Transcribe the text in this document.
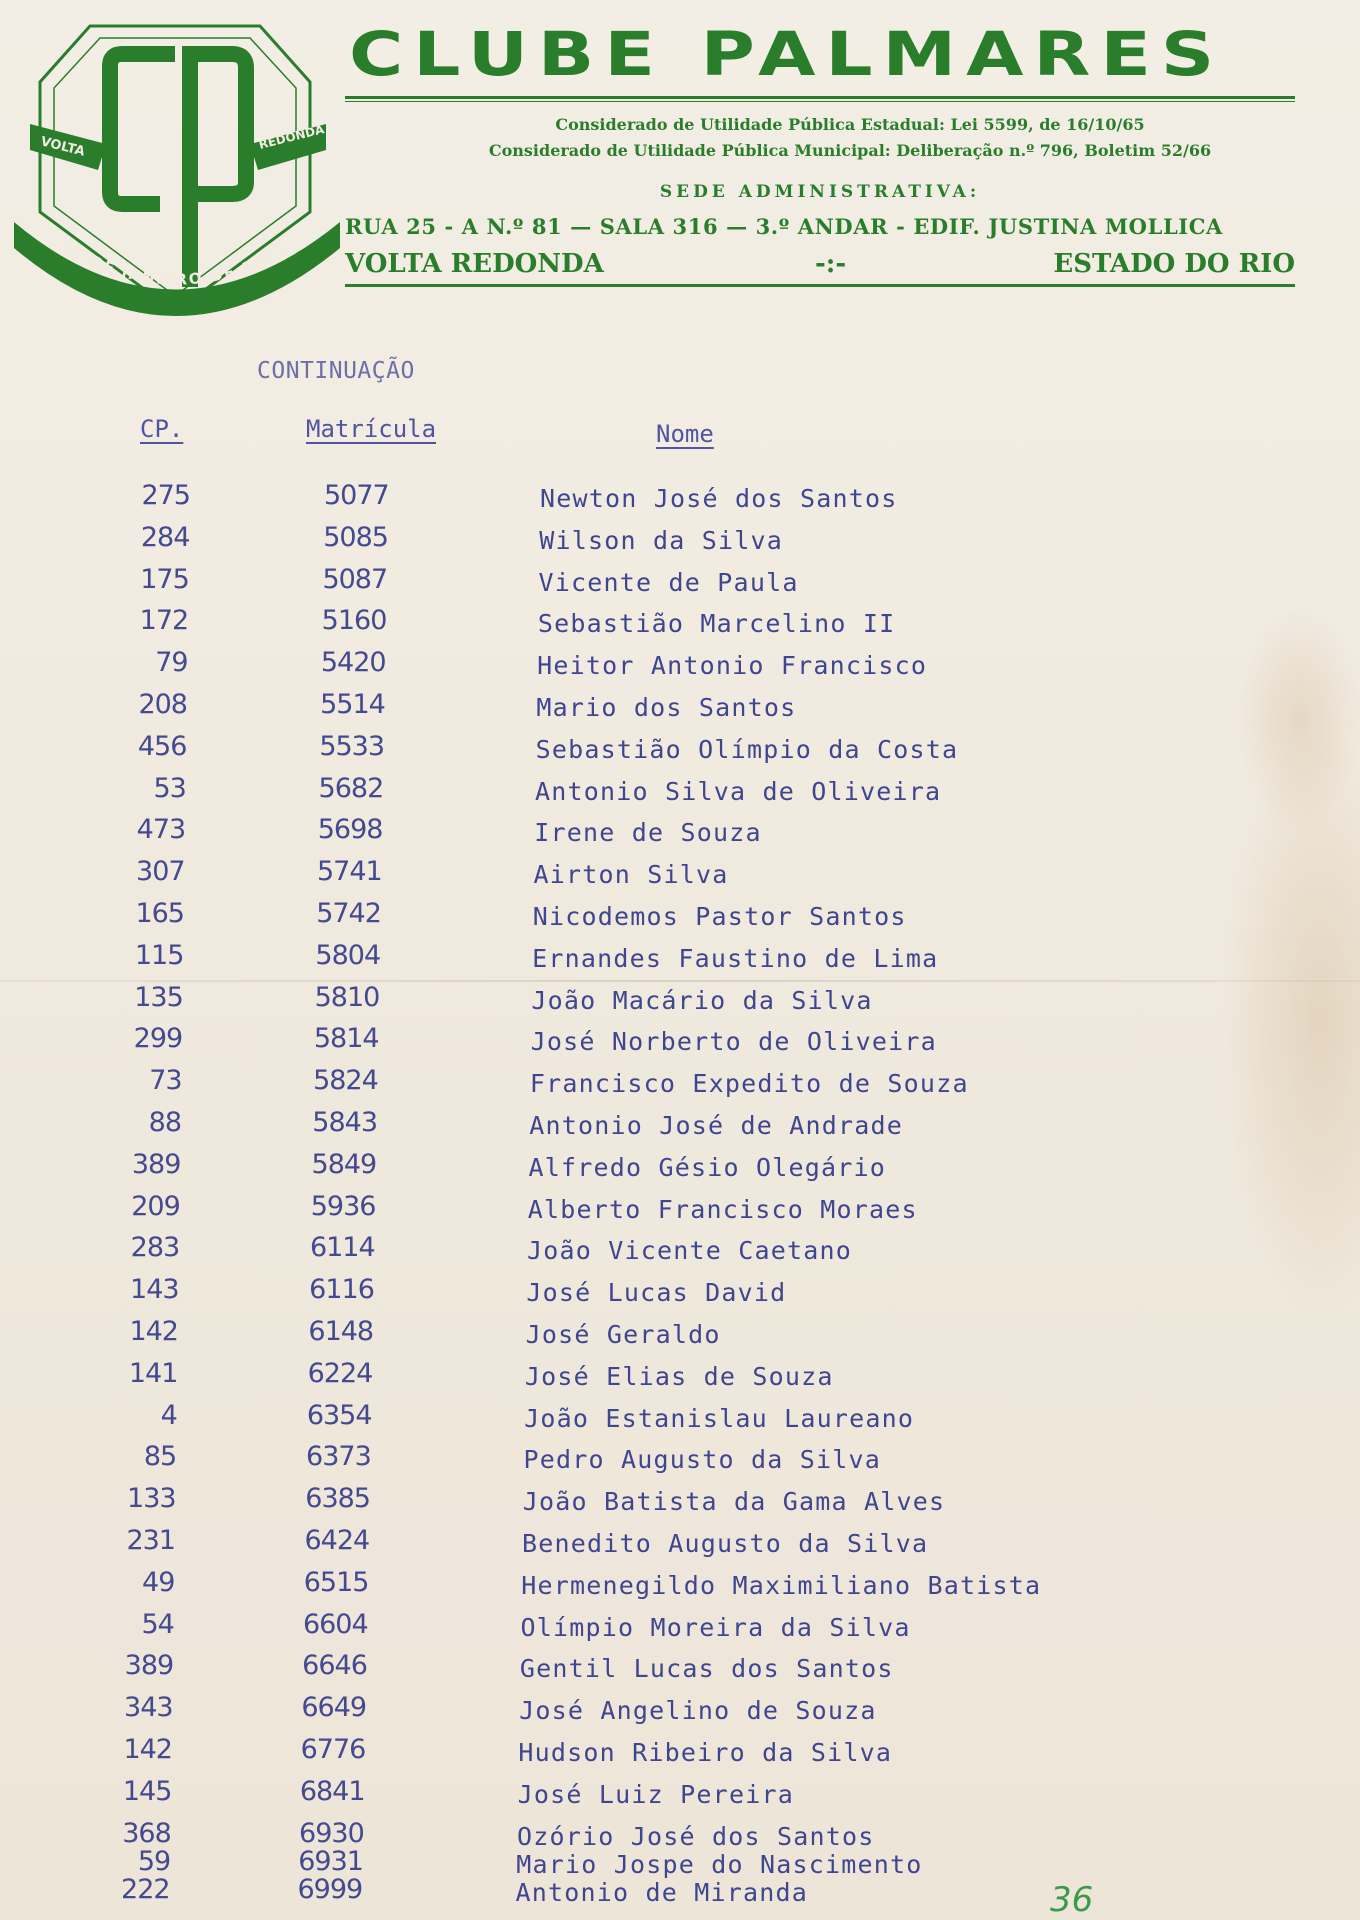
VOLTA	REDONDA
31 DE JANEIRO DE 1953
CLUBE PALMARES
Considerado de Utilidade Pública Estadual: Lei 5599, de 16/10/65
Considerado de Utilidade Pública Municipal: Deliberação n.º 796, Boletim 52/66
SEDE ADMINISTRATIVA:
RUA 25 - A N.º 81 — SALA 316 — 3.º ANDAR - EDIF. JUSTINA MOLLICA
VOLTA REDONDA	-:-	ESTADO DO RIO
CONTINUAÇÃO
CP.	Matrícula	Nome
275	5077	Newton José dos Santos
284	5085	Wilson da Silva
175	5087	Vicente de Paula
172	5160	Sebastião Marcelino II
79	5420	Heitor Antonio Francisco
208	5514	Mario dos Santos
456	5533	Sebastião Olímpio da Costa
53	5682	Antonio Silva de Oliveira
473	5698	Irene de Souza
307	5741	Airton Silva
165	5742	Nicodemos Pastor Santos
115	5804	Ernandes Faustino de Lima
135	5810	João Macário da Silva
299	5814	José Norberto de Oliveira
73	5824	Francisco Expedito de Souza
88	5843	Antonio José de Andrade
389	5849	Alfredo Gésio Olegário
209	5936	Alberto Francisco Moraes
283	6114	João Vicente Caetano
143	6116	José Lucas David
142	6148	José Geraldo
141	6224	José Elias de Souza
4	6354	João Estanislau Laureano
85	6373	Pedro Augusto da Silva
133	6385	João Batista da Gama Alves
231	6424	Benedito Augusto da Silva
49	6515	Hermenegildo Maximiliano Batista
54	6604	Olímpio Moreira da Silva
389	6646	Gentil Lucas dos Santos
343	6649	José Angelino de Souza
142	6776	Hudson Ribeiro da Silva
145	6841	José Luiz Pereira
368	6930	Ozório José dos Santos
59	6931	Mario Jospe do Nascimento
222	6999	Antonio de Miranda	36
